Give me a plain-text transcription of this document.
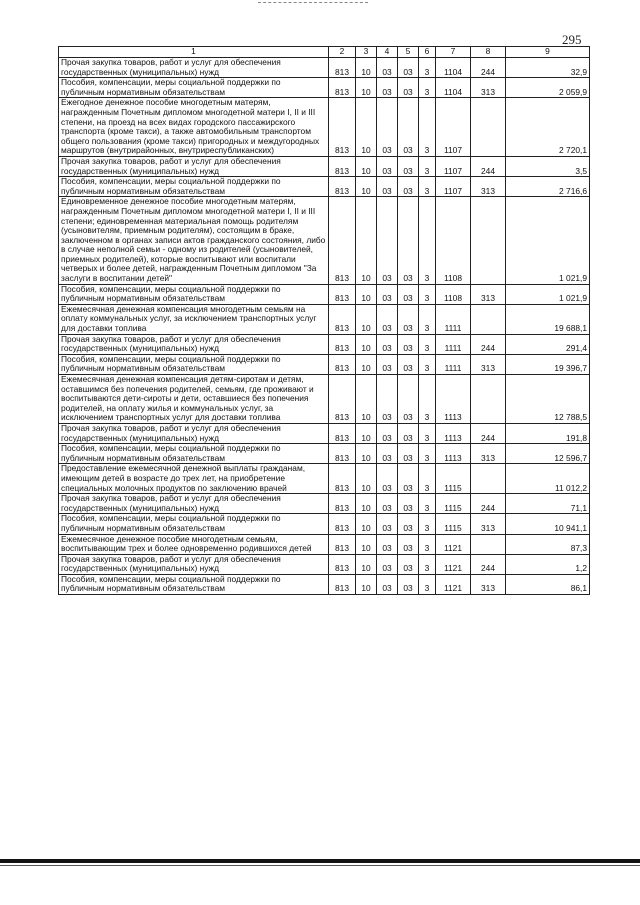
295
1	2	3	4	5	6	7	8	9
Прочая закупка товаров, работ и услуг для обеспечения государственных (муниципальных) нужд	813	10	03	03	3	1104	244	32,9
Пособия, компенсации, меры социальной поддержки по публичным нормативным обязательствам	813	10	03	03	3	1104	313	2 059,9
Ежегодное денежное пособие многодетным матерям, награжденным Почетным дипломом многодетной матери I, II и III степени, на проезд на всех видах городского пассажирского транспорта (кроме такси), а также автомобильным транспортом общего пользования (кроме такси) пригородных и междугородных маршрутов (внутрирайонных, внутриреспубликанских)	813	10	03	03	3	1107		2 720,1
Прочая закупка товаров, работ и услуг для обеспечения государственных (муниципальных) нужд	813	10	03	03	3	1107	244	3,5
Пособия, компенсации, меры социальной поддержки по публичным нормативным обязательствам	813	10	03	03	3	1107	313	2 716,6
Единовременное денежное пособие многодетным матерям, награжденным Почетным дипломом многодетной матери I, II и III степени; единовременная материальная помощь родителям (усыновителям, приемным родителям), состоящим в браке, заключенном в органах записи актов гражданского состояния, либо в случае неполной семьи - одному из родителей (усыновителей, приемных родителей), которые воспитывают или воспитали четверых и более детей, награжденным Почетным дипломом "За заслуги в воспитании детей"	813	10	03	03	3	1108		1 021,9
Пособия, компенсации, меры социальной поддержки по публичным нормативным обязательствам	813	10	03	03	3	1108	313	1 021,9
Ежемесячная денежная компенсация многодетным семьям на оплату коммунальных услуг, за исключением транспортных услуг для доставки топлива	813	10	03	03	3	1111		19 688,1
Прочая закупка товаров, работ и услуг для обеспечения государственных (муниципальных) нужд	813	10	03	03	3	1111	244	291,4
Пособия, компенсации, меры социальной поддержки по публичным нормативным обязательствам	813	10	03	03	3	1111	313	19 396,7
Ежемесячная денежная компенсация детям-сиротам и детям, оставшимся без попечения родителей, семьям, где проживают и воспитываются дети-сироты и дети, оставшиеся без попечения родителей, на оплату жилья и коммунальных услуг, за исключением транспортных услуг для доставки топлива	813	10	03	03	3	1113		12 788,5
Прочая закупка товаров, работ и услуг для обеспечения государственных (муниципальных) нужд	813	10	03	03	3	1113	244	191,8
Пособия, компенсации, меры социальной поддержки по публичным нормативным обязательствам	813	10	03	03	3	1113	313	12 596,7
Предоставление ежемесячной денежной выплаты гражданам, имеющим детей в возрасте до трех лет, на приобретение специальных молочных продуктов по заключению врачей	813	10	03	03	3	1115		11 012,2
Прочая закупка товаров, работ и услуг для обеспечения государственных (муниципальных) нужд	813	10	03	03	3	1115	244	71,1
Пособия, компенсации, меры социальной поддержки по публичным нормативным обязательствам	813	10	03	03	3	1115	313	10 941,1
Ежемесячное денежное пособие многодетным семьям, воспитывающим трех и более одновременно родившихся детей	813	10	03	03	3	1121		87,3
Прочая закупка товаров, работ и услуг для обеспечения государственных (муниципальных) нужд	813	10	03	03	3	1121	244	1,2
Пособия, компенсации, меры социальной поддержки по публичным нормативным обязательствам	813	10	03	03	3	1121	313	86,1
